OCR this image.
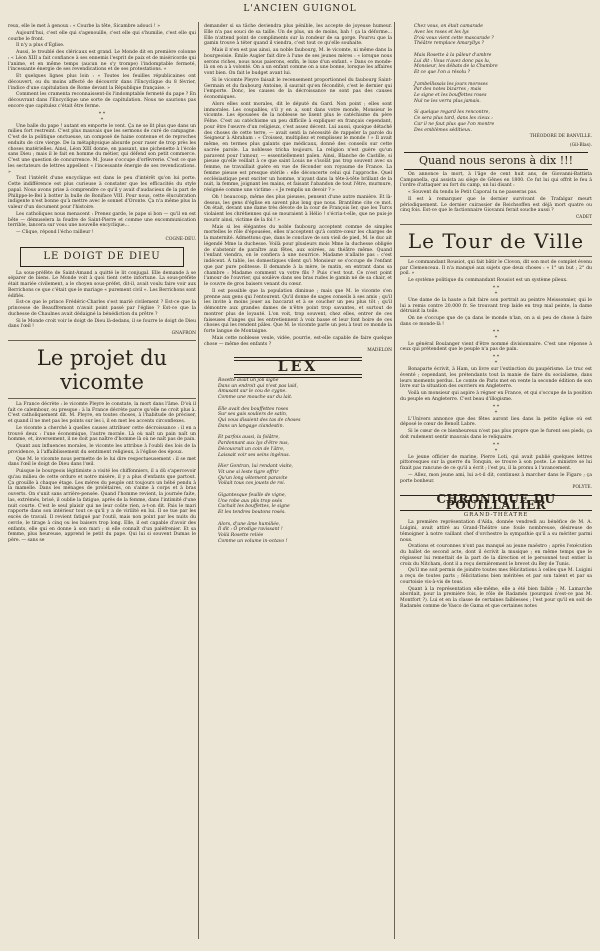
L'ANCIEN GUIGNOL

reux, elle le met à genoux : « Courbe la tête, Sicambre adouci ! »

Aujourd'hui, c'est elle qui s'agenouille, c'est elle qui s'humilie, c'est elle qui courbe le front.

Il n'y a plus d'Église.

Aussi, le troublé des cléricaux est grand. Le Monde dit en première colonne : « Léon XIII a fait confiance à ses ennemis l'esprit de paix et de miséricorde qui l'anime, et en même temps (aucun ne s'y trompe) l'indomptable fermeté, l'incessante énergie de ses revendications et de ses protestations. »

Et quelques lignes plus loin : « Toutes les feuilles républicaines ont découvert, ou du moins affecté de découvrir dans l'Encyclique du 8 février, l'indice d'une capitulation de Rome devant la République française. »

Comment les cramenta reconnaissent-ils l'indomptable fermeté du pape ? En découvrant dans l'Encyclique une sorte de capitulation. Nous ne saurions pas encore que capitulez c'était être ferme.

* *
*

Une balle du pape ! autant en emporte le vent. Ça ne se lit plus que dans un milieu fort restreint. C'est plus mauvais que les sermons de curé de campagne. C'est de la politique onctueuse, un composé de haine contenue et de reproches enduits de cire vierge. De la métaphysique absurde pour raser de trop près les choses matérielles. Ainsi, Léon XIII donne, en passant, une pichenette à l'école sans Dieu ; mais il le fait en homme du métier, qui défend son petit commerce. C'est une question de concurrence. M. Jouse s'occupe d'orfèvrerie. C'est ce que les sectateurs de lettres appellent « l'incessante énergie de ses revendications. »

Tout l'intérêt d'une encyclique est dans le peu d'intérêt qu'on lui porte. Cette indifférence est plus curieuse à constater que les efficacités du style papal. Nous avons prise à comprendre ce qu'il y avait d'audacieux de la part de Philippe-le-Bel à botter la bulle de Boniface VIII. Pour nous, cette élucubration indigente n'est bonne qu'à mettre avec le sonnet d'Oronte. Ça n'a même plus la valeur d'un document pour l'histoire.

Les catholiques nous menacent : Prenez garde, le pape si bon — qu'il en est bête — démuselera la foudre de Saint-Pierre et comme une excommunication terrible, lancera sur vous une nouvelle encyclique...

— Clique, répond l'écho railleur !

COGNE-DEU.
LE DOIGT DE DIEU

La sous-préfète de Saint-Amand a quitté le lit conjugal. Elle demande à se séparer de biens. Le Monde voit à quoi tient cette infortune. La sous-préfète était mariée civilement, a le choyen sous-préfet, dit-il, avait voulu faire voir aux Berrichons ce que c'était que le mariage « purement civil ». Les Berrichons sont édifiés.

Est-ce que le prince Frédéric-Charles s'est marié civilement ? Est-ce que la princesse de Beauffremont n'avait point passé par l'église ? Est-ce que la duchesse de Chaulnes avait dédaigné la bénédiction du prêtre ?

Si le Monde croit voir le doigt de Dieu là-dedans, il se fourre le doigt de Dieu dans l'œil !

GNAFRON
Le projet du vicomte

La France décrète : le vicomte Pleyre le constate, la mort dans l'âme. D'où il fait ce calembour, ou presque : à la France décrète parce qu'elle ne croit plus à. C'est catholiquement dit. M. Pleyre, en toutes choses, à l'habitude de préciser, et quand il ne met pas les points sur les i, il en met les accents circonflexes.

Le vicomte a cherché à quelles causes attribuer cette décroissance : il en a trouvé deux : l'une économique, l'autre morale. Là où naît un pain naît un homme, et, inversement, il ne doit pas naître d'homme là où ne naît pas de pain.

Quant aux influences morales, le vicomte les attribue à l'oubli des lois de la providence, à l'affaiblissement du sentiment religieux, à l'église des époux.

Que M. le vicomte nous permette de le lui dire respectueusement : il se met dans l'œil le doigt de Dieu dans l'œil.

Puisque le bourgeois légitimiste a visité les chiffonniers, il a dû s'apercevoir qu'au milieu de cette ordure et notre misère, il y a plus d'enfants que partout. Ça grouille à chaque étage. Les mères du peuple ont toujours un bébé pendu à la mamelle. Dans les ménages de prolétaires, on s'aime à corps et à bras ouverts. On s'unit sans arrière-pensée. Quand l'homme revient, la journée faite, las, extrémés, brisé, il oublie la fatigue, après de la femme, dans l'intimité d'une nuit courte. C'est le seul plaisir qui ne leur coûte rien, a-t-on dit. Pais le mari rapporte dans son intérieur tout ce qu'il y a de virilité en lui. Il se tue par les excès de travail. Il revient fatigué par l'outil, mais non point par les nuits du cercle, le tirage à cinq ou les baisers trop long. Elle, il est capable d'avoir des enfants, elle qui en donne à son mari ; si elle connaît d'un paléfrenier. Et sa femme, plus heureuse, apprend le petit du pape. Qui lui si souvent Dumas le père. — sans se

demander si sa tâche deviendra plus pénible, les accepte de joyeuse humeur. Elle n'a pas souci de sa taille. Un de plus, un de moins, bah ! ça la déforme... Elle n'attend point de compliments sur la rondeur de sa gorge. Pourvu que la gamin trouve à téter quand il viendra, c'est tout ce qu'elle souhaite.

Mais il n'en est pas ainsi, au noble faubourg, M. le vicomte, ni même dans la bourgeoisie. Émile Augier fait dire à l'une de ses jeunes mères : « lorsque nous serons riches, nous nous paierons, enfin, le luxe d'un enfant. » Dans ce monde-là on en a à volonté. On a un enfant comme on a une bonne, lorsque les affaires vont bien. On fait le budget avant lui.

Si le vicomte Pleyre faisait le recensement proportionnel du faubourg Saint-Germain et du faubourg Antoine, il saurait qu'en fécondité, c'est le dernier qui l'emporte. Donc, les causes de la décroissance ne sont pas des causes économiques.

Alors elles sont morales, dit le député du Gard. Non point ; elles sont immorales. Les coupables, s'il y en a, sont dans votre monde, Monsieur le vicomte. Les épousées de la noblesse ne lisent plus le catéchisme du père Félne. C'est au catéchisme un peu difficile à expliquer en français cependant, pour être l'œuvre d'un religieux, c'est assez décent. Lui aussi, quoique détaché des choses de cette terre, — avait senti la nécessité de rappeler la parole du Seigneur à Abraham : « Croissez, multipliez et remplissez le monde ! » Il avait même, en termes plus galants que médicaux, donné des conseils sur cette sacrée parole. La noblesse tricha toujours. La religion n'est guère qu'un paravent pour l'amour, — essentiellement païen. Ainsi, Blanche de Castille, si pieuse qu'elle veillait à ce que saint Louis ne s'isolât pas trop souvent avec sa femme, ne travaillait guère en vue de féconder son royaume de France. La femme pieuse est presque stérile : elle déconcerte celui qui l'approche. Quel ecclésiastique peut exciter un homme, n'ayant dans la tête-à-tête brillant de la nuit, la femme, joignant les mains, et faisant l'abandon de tout l'être, murmure, résignée comme une victime : « Je remplis un devoir ? »

Oh ! beaucoup, même des plus pieuses, pensent d'une autre manière. Et là-dessus, les gens d'église en savent plus long que nous. Brantôme cite ce mot. On était, devant une dame très dévote de la cour de François Ier, que les Turcs violaient les chrétiennes qui se mouraient à Hélio ! s'écria-t-elle, que ne puis-je mourir ainsi, victime de la foi ! »

Mais si les élégantes du noble faubourg acceptent comme de simples mortelles le rôle d'épousées, elles n'acceptent qu'à contre-cœur les charges de la maternité. Admettons que, dans le conclave de son vieil de pied, M. le duc ait légendé Mme la duchesse. Voilà pour plusieurs mois Mme la duchesse obligée de s'abstenir de paraître aux fêtes, aux soirées, au théâtre même. Quand l'enfant viendra, on le confiera à une nourrice. Madame n'allaite pas : c'est indécent. À table, les domestiques vilent qu'i Monsieur se s'occupe de l'enfant que par pure politesse. Il demande à la mère, le matin, en entrant dans sa chambre : Madame comment va votre fils ? Puis c'est tout. Ce n'est point l'amour de l'ouvrier, qui soulève dans ses bras rudes le gamin né de sa chair, et le couvre de gros baisers venant du cœur.

Il est possible que la population diminue ; mais que M. le vicomte s'en prenne aux gens qui l'entourent. Qu'il donne de sages conseils à ses amis ; qu'il les invite à moins jouer au baccarat et à se coucher un peu plus tôt ; qu'il démontre aux grandes dames de n'être point trop savantes, et surtout de montrer plus de loyauté. L'on voit, trop souvent, chez elles, entrer de ces faiseuses d'anges qui les entretiennent à voix basse et leur font boire de ces choses qui les rendent pâles. Que M. le vicomte parle un peu à tout ce monde la forte langue de Montaigne.

Mais cette noblesse veule, vidée, pourrie, est-elle capable de faire quelque chose — même des enfants ?

MADELON
LEX

Rosette avait un joli signe

Dans un endroit qui n'est pas laid,

Amusant sur le cou de cygne.

Comme une mouche sur du lait.

Elle avait des bouffettes roses

Sur ses gais souliers de satin,

Qui vous disaient des tas de choses

Dans un langage clandestin.

Et parfois aussi, la folâtre,

Pardonnant aux lys d'être nus,

Découvrait un coin de l'âtre,

Laissait voir ses seins ingénus.

Hier Gontran, lui rendant visite,

Vit une si leste tigre offrir

Qu'un long vêtement paravite

Voilait tous ces jouets de roi.

Gigantesque feuille de vigne,

Une robe aux plis trop osés

Cachait les bouffettes, le signe

Et les tendres boutons rosés.

Alors, d'une âme humiliée,

Il dit : Ô prodige ravissant !

Voilà Rosette reliée

Comme un volume in-octavo !

Chez vous, on était camarade

Avec les roses et les lys

D'où vous vient cette mascarade ?

Théâtre remplace Amaryllys ?

Mais Rosette à la pâleur d'ambre

Lui dit : Vous n'avez donc pas lu,

Monsieur, les débats de la Chambre

Et ce que l'on a résolu ?

J'ambellissais les jours moroses

Par des notes bizarres ; mais

Le signe et les bouffettes roses

Nul ne les verra plus jamais.

Si quelque regard les rencontre,

Ce sera plus tard, dans les cieux :

Car il ne faut plus que l'on montre

Des emblèmes séditieux.

THÉODORE DE BANVILLE.
(Gil-Blas).
Quand nous serons à dix !!!

On annonce la mort, à l'âge de cent huit ans, de Giovanni-Battista Campanella, qui assista au siège de Gênes en 1800. Ce fut lui qui offrit le feu à l'ordre d'attaquer au fort du camp, un lui disant :

« Souvent du tendu le Petit Caporal tu ne passeras pas.

Il est à remarquer que le dernier survivant de Trafalgar meurt périodiquement. Le dernier cuirassier de Reichsoffen est déjà mort quatre ou cinq fois. Est-ce que le factionnaire Giovanni ferait souche aussi ?

CADET
Le Tour de Ville

Le commandant Rousiot, qui fait bâtir le Clovon, dit son mot de complet évenu par Clemenceau. Il n'a manqué aux sujets que deux choses : « 1° un but ; 2° du poil. »

Le système politique du commandant Rousiot est un système pileux.

* *
*

Une dame de la haute a fait faire son portrait au peintre Meissonnier, qui le lui a remis contre 20.000 fr. Se trouvant trop laide en trop mal peinte, la dame détruisit la toile.

On ne s'occupe que de ça dans le monde n'lan, on a si peu de chose à faire dans ce monde-là !

* *
*

Le général Boulanger vient d'être nommé divisionnaire. C'est une réponse à ceux qui prétendent que le peuple n'a pas de pain.

* *
*

Bonaparte écrivit, à Ham, un livre sur l'extinction du paupérisme. Le truc est éventé ; cependant, les prétendants tout la manie de faire du socialisme, dans leurs moments perdus. Le comte de Paris met en vente la seconde édition de son livre sur la situation des ouvriers en Angleterre.

Voilà un monsieur qui aspire à régner en France, et qui s'occupe de la position du peuple en Angleterre. C'est beau d'illogisme.

* *
*

L'Univers annonce que des fêtes auront lieu dans la petite église où est déposé le cœur de Benoît Labre.

Si le cœur de ce bienheureux n'est pas plus propre que le furent ses pieds, ça doit rudement sentir mauvais dans le reliquaire.

* *
*

Le jeune officier de marine, Pierre Loti, qui avait publié quelques lettres pittoresques sur la guerre du Tonquin, se trouve à son poste. Le ministre se lui fixait pas rancune de ce qu'il a écrit ; l'est pu, il la promu à l'avancement.

— Allez, mon jeune ami, lui a-t-il dit, continuez à marcher dans le Figaro ; ça porte bonheur.

POLYTE.
CHRONIQUE DU POUILLALIER
GRAND-THÉATRE

La première représentation d'Aïda, donnée vendredi au bénéfice de M. A. Luigini, avait attiré au Grand-Théâtre une foule nombreuse, désireuse de témoigner à notre vaillant chef d'orchestre la sympathie qu'il a su mériter parmi nous.

Ovations et couronnes n'ont pas manqué au jeune maëstro ; après l'exécution du ballet de second acte, dont il écrivit la musique ; en même temps que le régisseur lui remettait de la part de la direction et le personnel tout entier la croix du Nitcham, dont il a reçu dernièrement le brevet du Bey de Tunis.

Qu'il me soit permis de joindre toutes mes félicitations à celles que M. Luigini a reçu de toutes parts ; félicitations bien méritées et par son talent et par sa courtoisie vis-à-vis de tous.

Quant à la représentation elle-même, elle a été bien faible ; M. Lamarche abordait, pour la première fois, le rôle de Radamès (pourquoi n'est-ce pas M. Montfort ?). Lui et en la classe de certaines faiblesses ; l'est pour qu'il en soit de Radamès comme de Vasco de Gama et que certaines notes
